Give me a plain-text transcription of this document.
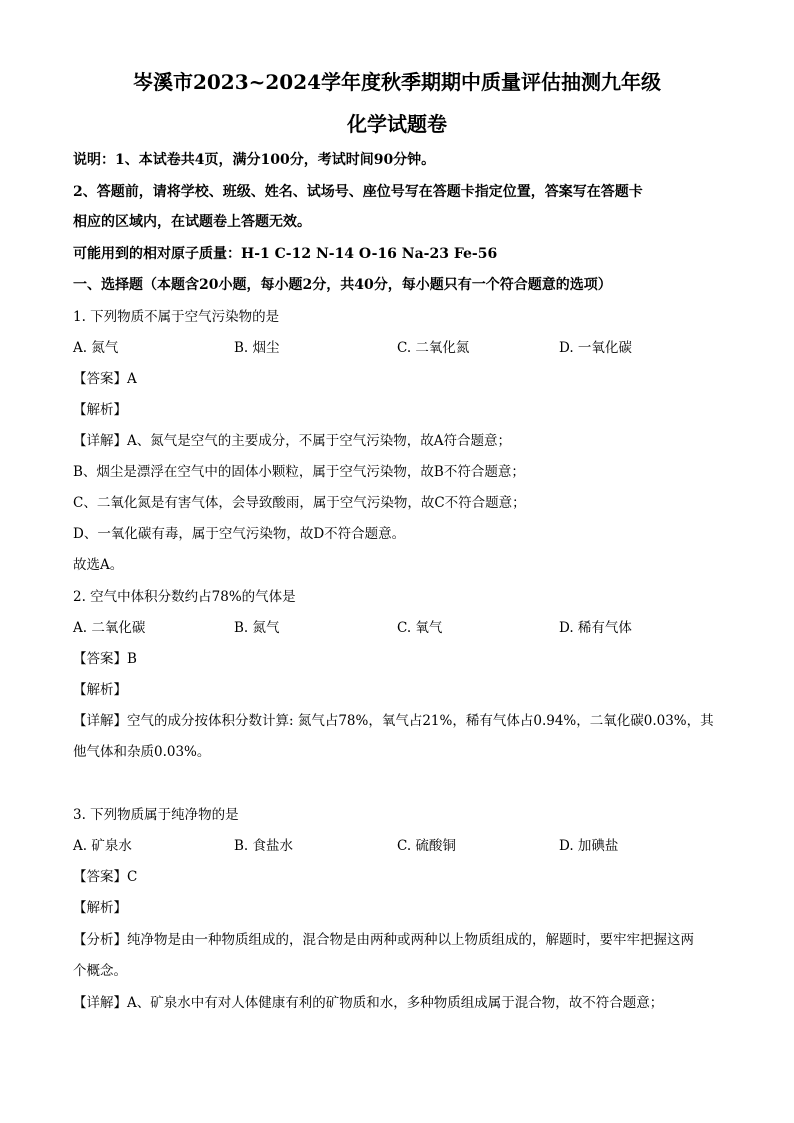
岑溪市2023~2024学年度秋季期期中质量评估抽测九年级
化学试题卷
说明：1、本试卷共4页，满分100分，考试时间90分钟。
2、答题前，请将学校、班级、姓名、试场号、座位号写在答题卡指定位置，答案写在答题卡
相应的区域内，在试题卷上答题无效。
可能用到的相对原子质量：H-1 C-12 N-14 O-16 Na-23 Fe-56
一、选择题（本题含20小题，每小题2分，共40分，每小题只有一个符合题意的选项）
1. 下列物质不属于空气污染物的是
A. 氮气	B. 烟尘	C. 二氧化氮	D. 一氧化碳
【答案】A
【解析】
【详解】A、氮气是空气的主要成分，不属于空气污染物，故A符合题意；
B、烟尘是漂浮在空气中的固体小颗粒，属于空气污染物，故B不符合题意；
C、二氧化氮是有害气体，会导致酸雨，属于空气污染物，故C不符合题意；
D、一氧化碳有毒，属于空气污染物，故D不符合题意。
故选A。
2. 空气中体积分数约占78%的气体是
A. 二氧化碳	B. 氮气	C. 氧气	D. 稀有气体
【答案】B
【解析】
【详解】空气的成分按体积分数计算: 氮气占78%，氧气占21%，稀有气体占0.94%，二氧化碳0.03%，其
他气体和杂质0.03%。
3. 下列物质属于纯净物的是
A. 矿泉水	B. 食盐水	C. 硫酸铜	D. 加碘盐
【答案】C
【解析】
【分析】纯净物是由一种物质组成的，混合物是由两种或两种以上物质组成的，解题时，要牢牢把握这两
个概念。
【详解】A、矿泉水中有对人体健康有利的矿物质和水，多种物质组成属于混合物，故不符合题意；
